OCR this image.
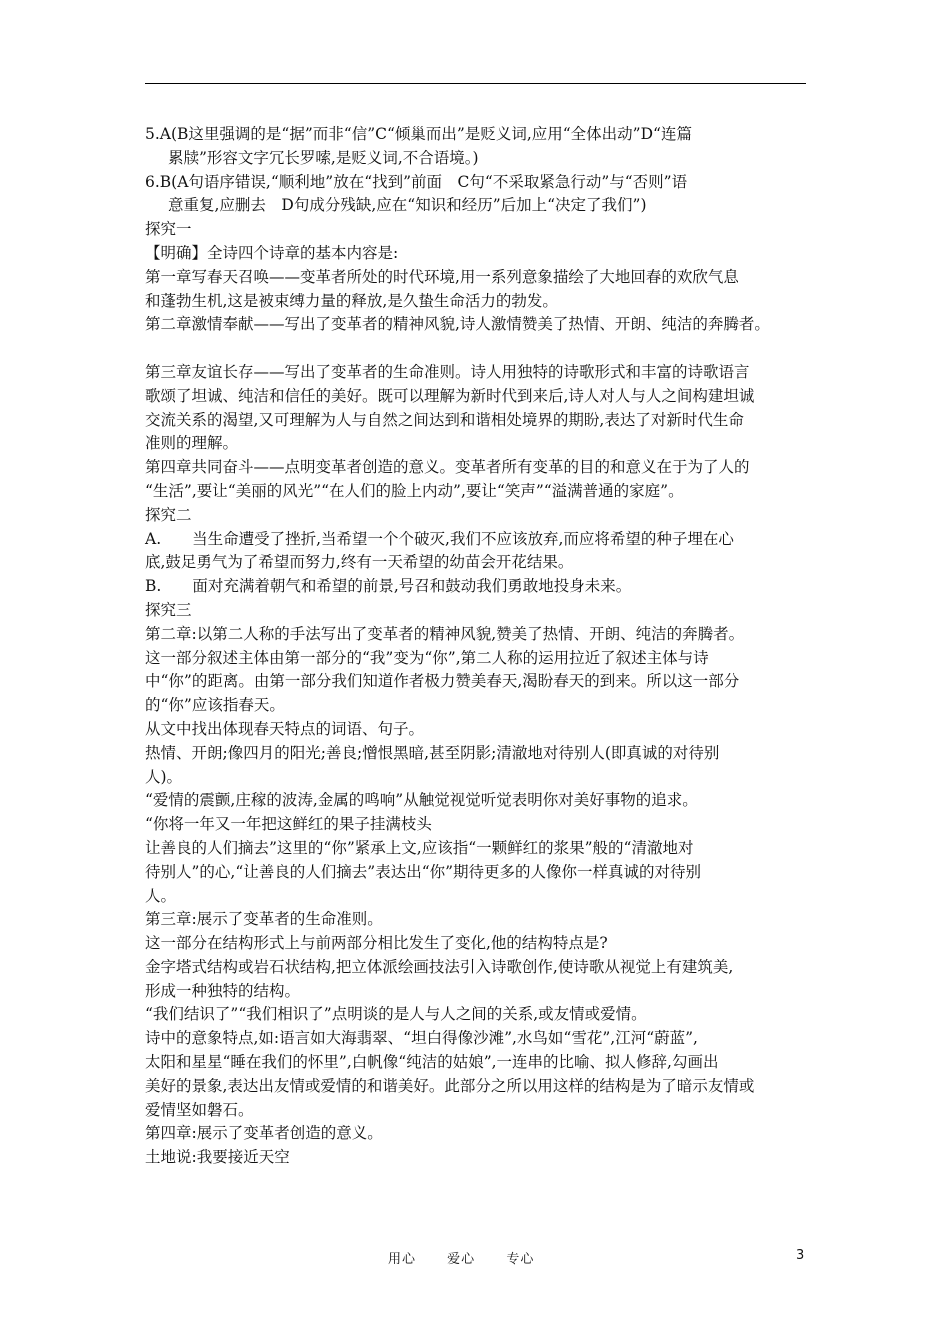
5.A(B这里强调的是“据”而非“信”C“倾巢而出”是贬义词,应用“全体出动”D“连篇

累牍”形容文字冗长罗嗦,是贬义词,不合语境。)

6.B(A句语序错误,“顺利地”放在“找到”前面　C句“不采取紧急行动”与“否则”语

意重复,应删去　D句成分残缺,应在“知识和经历”后加上“决定了我们”)

探究一

【明确】全诗四个诗章的基本内容是:

第一章写春天召唤——变革者所处的时代环境,用一系列意象描绘了大地回春的欢欣气息

和蓬勃生机,这是被束缚力量的释放,是久蛰生命活力的勃发。

第二章激情奉献——写出了变革者的精神风貌,诗人激情赞美了热情、开朗、纯洁的奔腾者。

第三章友谊长存——写出了变革者的生命准则。诗人用独特的诗歌形式和丰富的诗歌语言

歌颂了坦诚、纯洁和信任的美好。既可以理解为新时代到来后,诗人对人与人之间构建坦诚

交流关系的渴望,又可理解为人与自然之间达到和谐相处境界的期盼,表达了对新时代生命

准则的理解。

第四章共同奋斗——点明变革者创造的意义。变革者所有变革的目的和意义在于为了人的

“生活”,要让“美丽的风光”“在人们的脸上内动”,要让“笑声”“溢满普通的家庭”。

探究二

A.　　当生命遭受了挫折,当希望一个个破灭,我们不应该放弃,而应将希望的种子埋在心

底,鼓足勇气为了希望而努力,终有一天希望的幼苗会开花结果。

B.　　面对充满着朝气和希望的前景,号召和鼓动我们勇敢地投身未来。

探究三

第二章:以第二人称的手法写出了变革者的精神风貌,赞美了热情、开朗、纯洁的奔腾者。

这一部分叙述主体由第一部分的“我”变为“你”,第二人称的运用拉近了叙述主体与诗

中“你”的距离。由第一部分我们知道作者极力赞美春天,渴盼春天的到来。所以这一部分

的“你”应该指春天。

从文中找出体现春天特点的词语、句子。

热情、开朗;像四月的阳光;善良;憎恨黑暗,甚至阴影;清澈地对待别人(即真诚的对待别

人)。

“爱情的震颤,庄稼的波涛,金属的鸣响”从触觉视觉听觉表明你对美好事物的追求。

“你将一年又一年把这鲜红的果子挂满枝头

让善良的人们摘去”这里的“你”紧承上文,应该指“一颗鲜红的浆果”般的“清澈地对

待别人”的心,“让善良的人们摘去”表达出“你”期待更多的人像你一样真诚的对待别

人。

第三章:展示了变革者的生命准则。

这一部分在结构形式上与前两部分相比发生了变化,他的结构特点是?

金字塔式结构或岩石状结构,把立体派绘画技法引入诗歌创作,使诗歌从视觉上有建筑美,

形成一种独特的结构。

“我们结识了”“我们相识了”点明谈的是人与人之间的关系,或友情或爱情。

诗中的意象特点,如:语言如大海翡翠、“坦白得像沙滩”,水鸟如“雪花”,江河“蔚蓝”,

太阳和星星“睡在我们的怀里”,白帆像“纯洁的姑娘”,一连串的比喻、拟人修辞,勾画出

美好的景象,表达出友情或爱情的和谐美好。此部分之所以用这样的结构是为了暗示友情或

爱情坚如磐石。

第四章:展示了变革者创造的意义。

土地说:我要接近天空

用心 爱心 专心	3
